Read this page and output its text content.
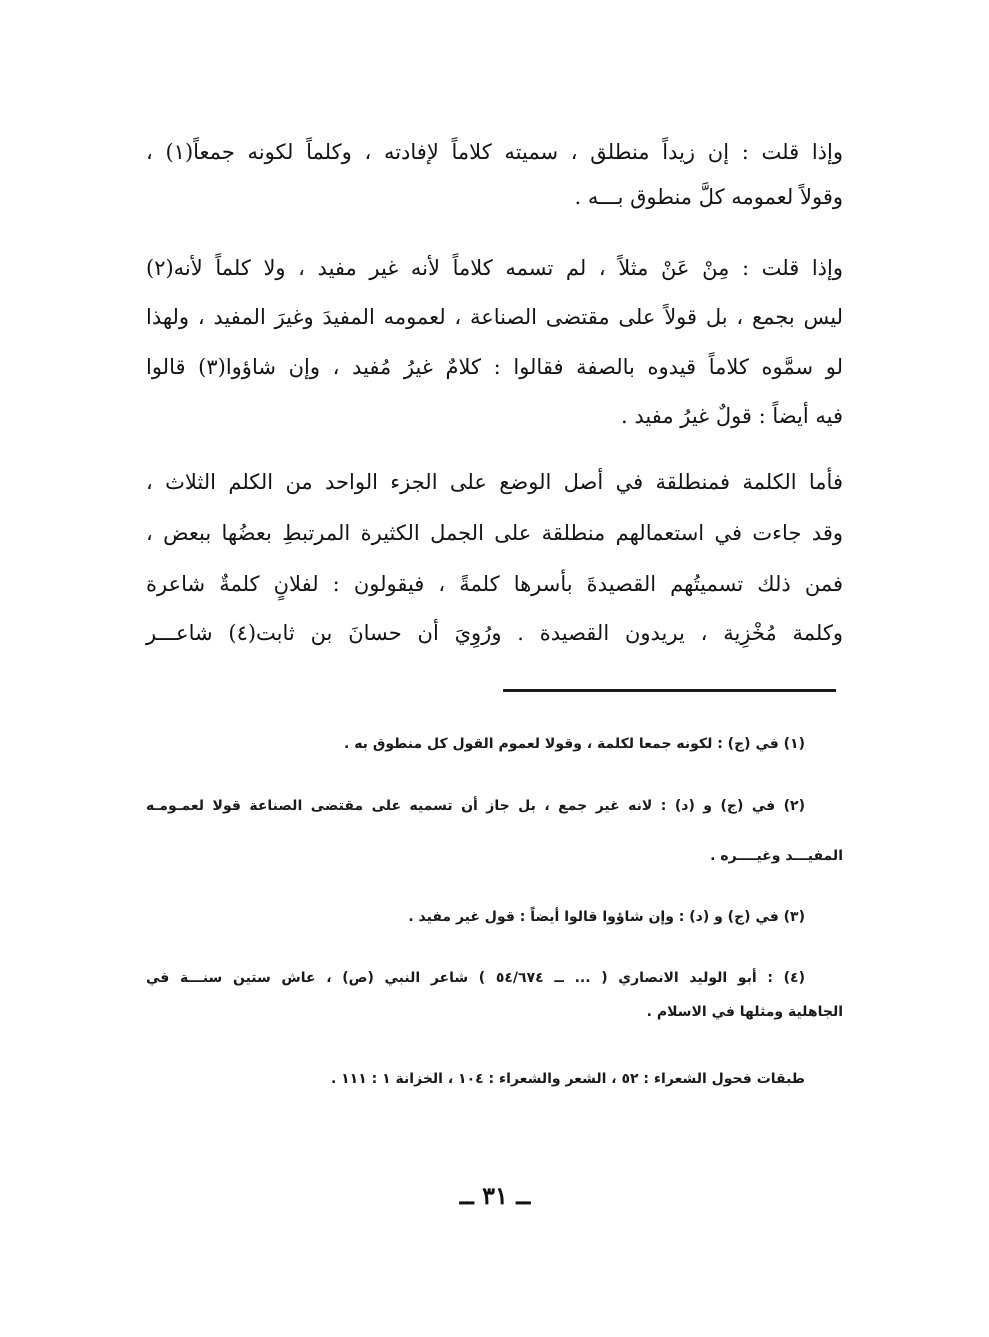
وإذا قلت : إن زيداً منطلق ، سميته كلاماً لإفادته ، وكلماً لكونه جمعاً(١) ،
وقولاً لعمومه كلَّ منطوق بـــه .
وإذا قلت : مِنْ عَنْ مثلاً ، لم تسمه كلاماً لأنه غير مفيد ، ولا كلماً لأنه(٢)
ليس بجمع ، بل قولاً على مقتضى الصناعة ، لعمومه المفيدَ وغيرَ المفيد ، ولهذا
لو سمَّوه كلاماً قيدوه بالصفة فقالوا : كلامٌ غيرُ مُفيد ، وإن شاؤوا(٣) قالوا
فيه أيضاً : قولٌ غيرُ مفيد .
فأما الكلمة فمنطلقة في أصل الوضع على الجزء الواحد من الكلم الثلاث ،
وقد جاءت في استعمالهم منطلقة على الجمل الكثيرة المرتبطِ بعضُها ببعض ،
فمن ذلك تسميتُهم القصيدةَ بأسرها كلمةً ، فيقولون : لفلانٍ كلمةٌ شاعرة
وكلمة مُخْزِية ، يريدون القصيدة . ورُوِيَ أن حسانَ بن ثابت(٤) شاعـــر
(١) في (ج) : لكونه جمعا لكلمة ، وقولا لعموم القول كل منطوق به .
(٢) في (ج) و (د) : لانه غير جمع ، بل جاز أن تسميه على مقتضى الصناعة قولا لعمـومـه
المفيـــد وغيــــره .
(٣) في (ج) و (د) : وإن شاؤوا قالوا أيضاً : قول غير مفيد .
(٤) : أبو الوليد الانصاري ( ... ــ ٥٤/٦٧٤ ) شاعر النبي (ص) ، عاش ستين سنـــة في
الجاهلية ومثلها في الاسلام .
طبقات فحول الشعراء : ٥٢ ، الشعر والشعراء : ١٠٤ ، الخزانة ١ : ١١١ .
ــ ٣١ ــ
